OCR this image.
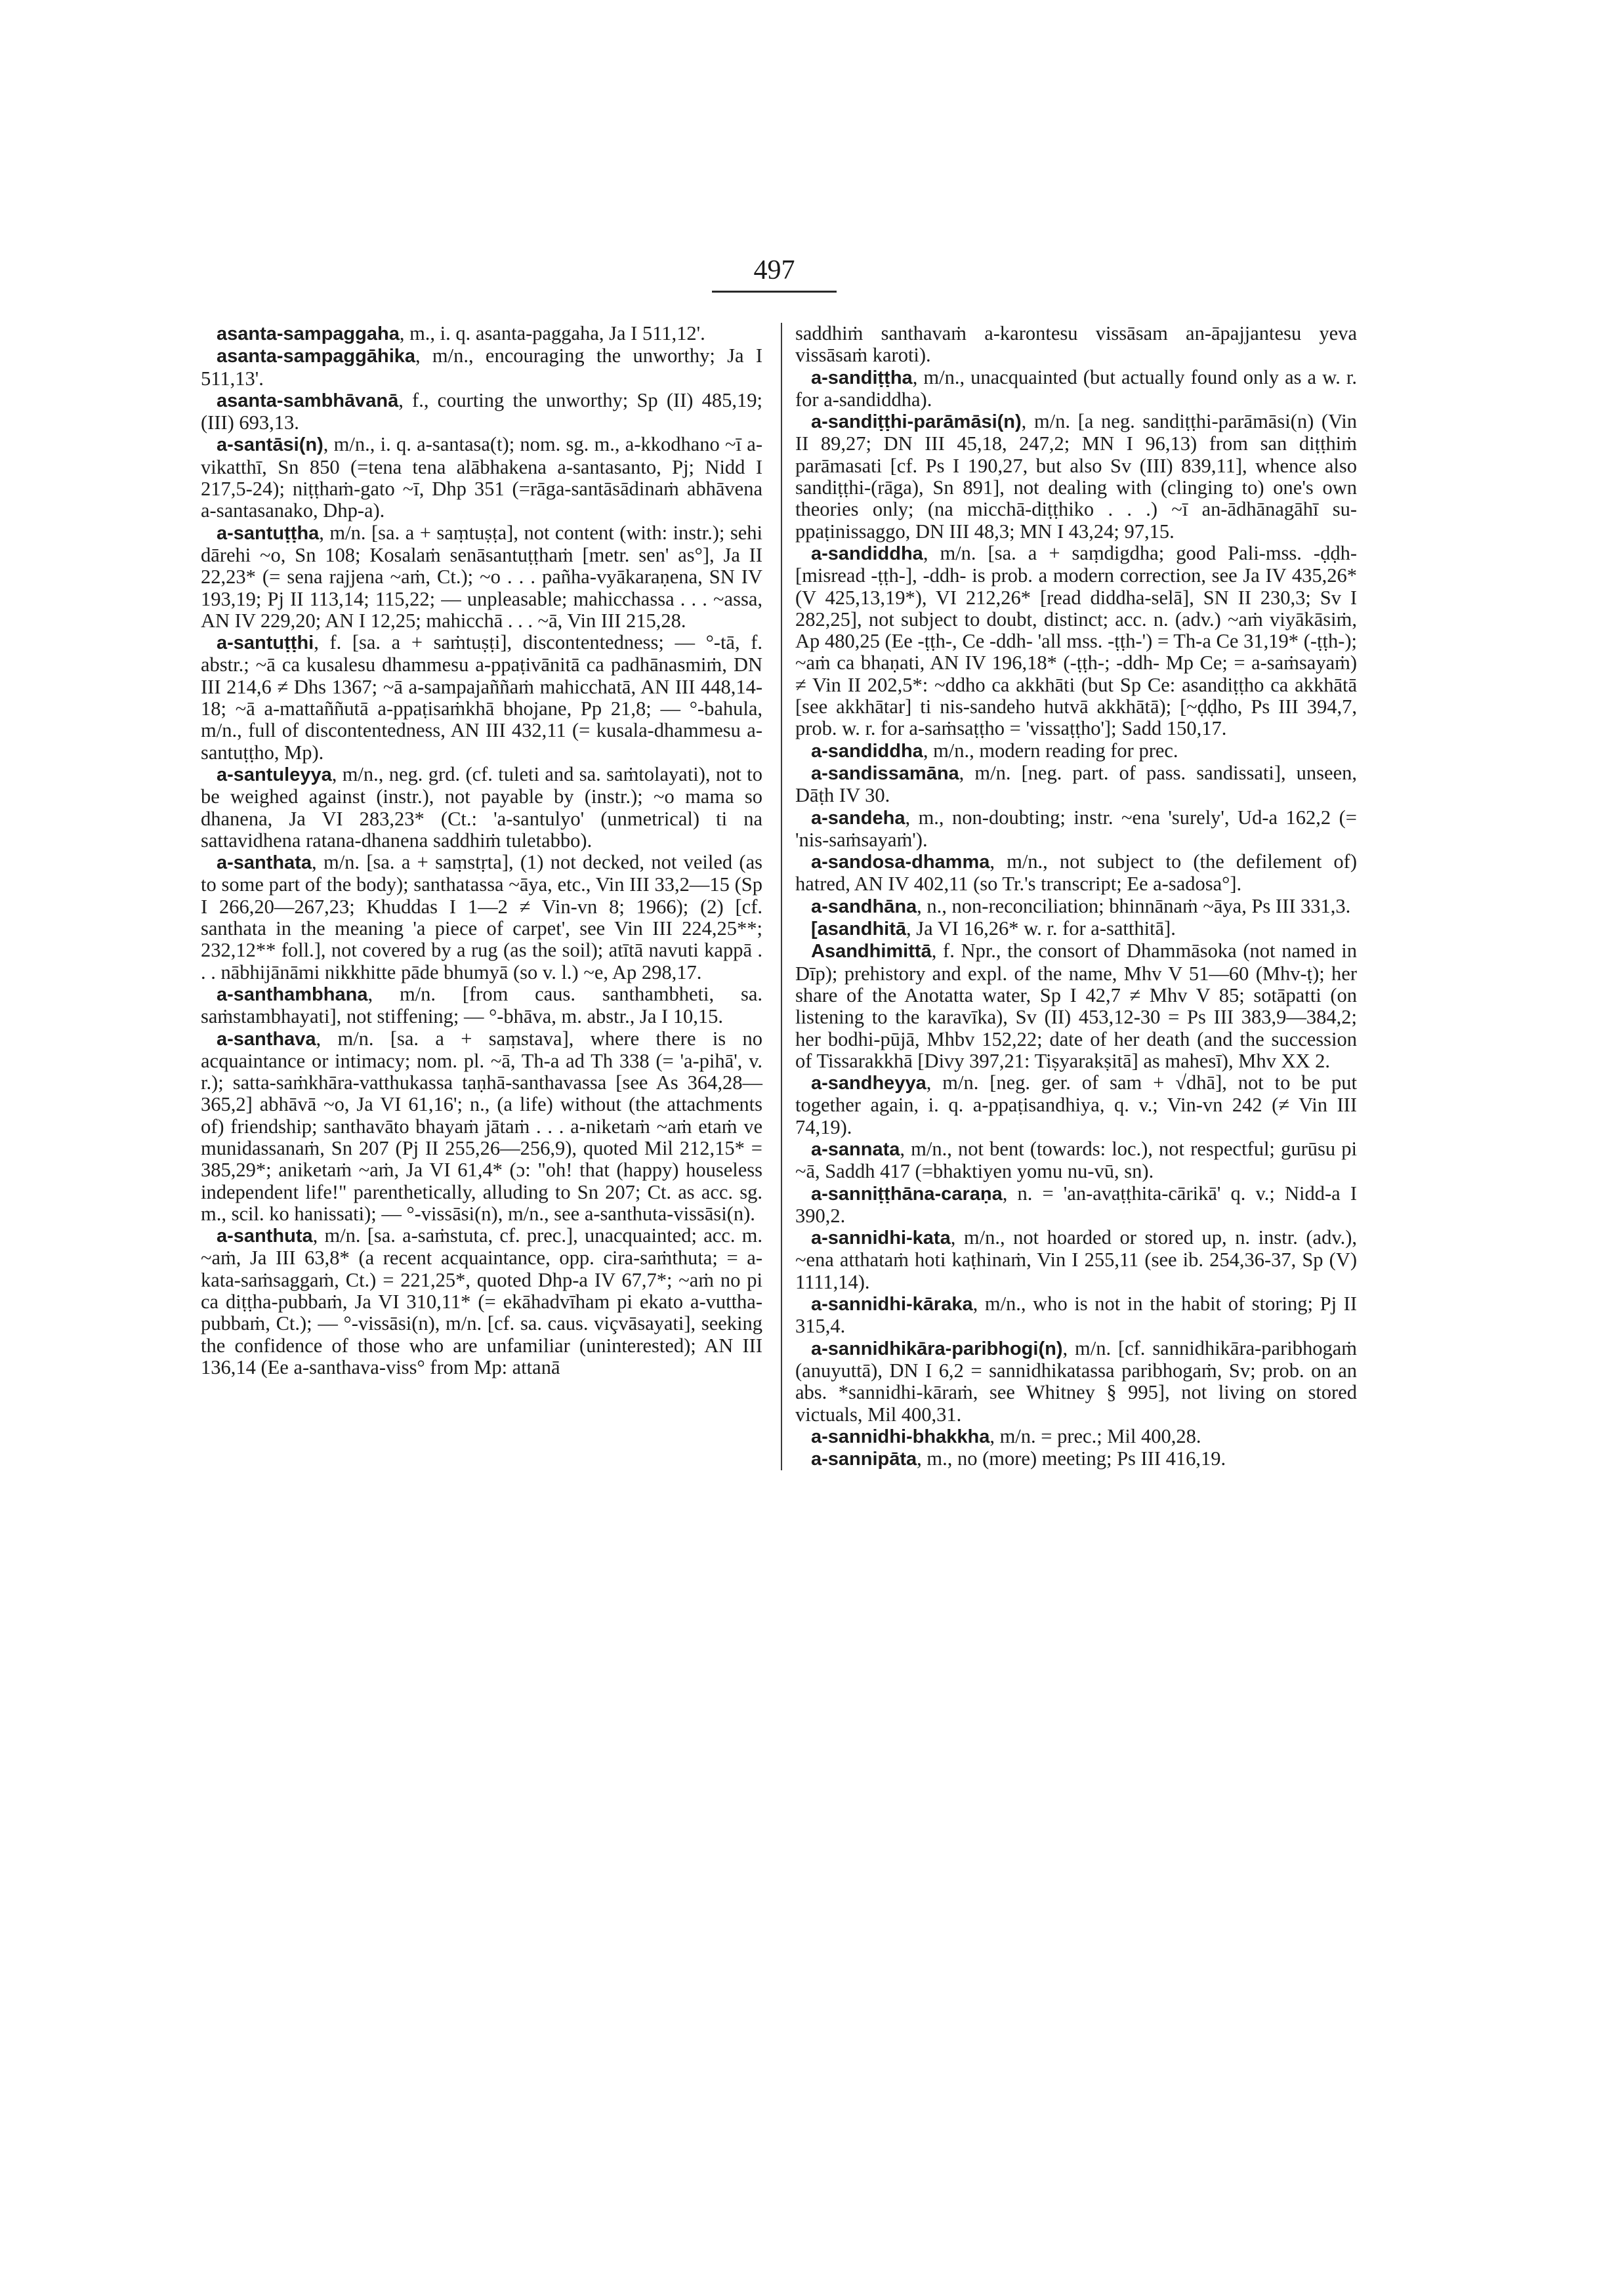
497

asanta-sampaggaha, m., i. q. asanta-paggaha, Ja I 511,12'.

asanta-sampaggāhika, m/n., encouraging the unworthy; Ja I 511,13'.

asanta-sambhāvanā, f., courting the unworthy; Sp (II) 485,19; (III) 693,13.

a-santāsi(n), m/n., i. q. a-santasa(t); nom. sg. m., a-kkodhano ~ī a-vikatthī, Sn 850 (=tena tena alābhakena a-santasanto, Pj; Nidd I 217,5-24); niṭṭhaṁ-gato ~ī, Dhp 351 (=rāga-santāsādinaṁ abhāvena a-santasanako, Dhp-a).

a-santuṭṭha, m/n. [sa. a + saṃtuṣṭa], not content (with: instr.); sehi dārehi ~o, Sn 108; Kosalaṁ senāsantuṭṭhaṁ [metr. sen' as°], Ja II 22,23* (= sena rajjena ~aṁ, Ct.); ~o . . . pañha-vyākaraṇena, SN IV 193,19; Pj II 113,14; 115,22; — unpleasable; mahicchassa . . . ~assa, AN IV 229,20; AN I 12,25; mahicchā . . . ~ā, Vin III 215,28.

a-santuṭṭhi, f. [sa. a + saṁtuṣṭi], discontentedness; — °-tā, f. abstr.; ~ā ca kusalesu dhammesu a-ppaṭivānitā ca padhānasmiṁ, DN III 214,6 ≠ Dhs 1367; ~ā a-sampajaññaṁ mahicchatā, AN III 448,14-18; ~ā a-mattaññutā a-ppaṭisaṁkhā bhojane, Pp 21,8; — °-bahula, m/n., full of discontentedness, AN III 432,11 (= kusala-dhammesu a-santuṭṭho, Mp).

a-santuleyya, m/n., neg. grd. (cf. tuleti and sa. saṁtolayati), not to be weighed against (instr.), not payable by (instr.); ~o mama so dhanena, Ja VI 283,23* (Ct.: 'a-santulyo' (unmetrical) ti na sattavidhena ratana-dhanena saddhiṁ tuletabbo).

a-santhata, m/n. [sa. a + saṃstṛta], (1) not decked, not veiled (as to some part of the body); santhatassa ~āya, etc., Vin III 33,2—15 (Sp I 266,20—267,23; Khuddas I 1—2 ≠ Vin-vn 8; 1966); (2) [cf. santhata in the meaning 'a piece of carpet', see Vin III 224,25**; 232,12** foll.], not covered by a rug (as the soil); atītā navuti kappā . . . nābhijānāmi nikkhitte pāde bhumyā (so v. l.) ~e, Ap 298,17.

a-santhambhana, m/n. [from caus. santhambheti, sa. saṁstambhayati], not stiffening; — °-bhāva, m. abstr., Ja I 10,15.

a-santhava, m/n. [sa. a + saṃstava], where there is no acquaintance or intimacy; nom. pl. ~ā, Th-a ad Th 338 (= 'a-pihā', v. r.); satta-saṁkhāra-vatthukassa taṇhā-santhavassa [see As 364,28—365,2] abhāvā ~o, Ja VI 61,16'; n., (a life) without (the attachments of) friendship; santhavāto bhayaṁ jātaṁ . . . a-niketaṁ ~aṁ etaṁ ve munidassanaṁ, Sn 207 (Pj II 255,26—256,9), quoted Mil 212,15* = 385,29*; aniketaṁ ~aṁ, Ja VI 61,4* (ɔ: "oh! that (happy) houseless independent life!" parenthetically, alluding to Sn 207; Ct. as acc. sg. m., scil. ko hanissati); — °-vissāsi(n), m/n., see a-santhuta-vissāsi(n).

a-santhuta, m/n. [sa. a-saṁstuta, cf. prec.], unacquainted; acc. m. ~aṁ, Ja III 63,8* (a recent acquaintance, opp. cira-saṁthuta; = a-kata-saṁsaggaṁ, Ct.) = 221,25*, quoted Dhp-a IV 67,7*; ~aṁ no pi ca diṭṭha-pubbaṁ, Ja VI 310,11* (= ekāhadvīham pi ekato a-vuttha-pubbaṁ, Ct.); — °-vissāsi(n), m/n. [cf. sa. caus. viçvāsayati], seeking the confidence of those who are unfamiliar (uninterested); AN III 136,14 (Ee a-santhava-viss° from Mp: attanā

saddhiṁ santhavaṁ a-karontesu vissāsam an-āpajjantesu yeva vissāsaṁ karoti).

a-sandiṭṭha, m/n., unacquainted (but actually found only as a w. r. for a-sandiddha).

a-sandiṭṭhi-parāmāsi(n), m/n. [a neg. sandiṭṭhi-parāmāsi(n) (Vin II 89,27; DN III 45,18, 247,2; MN I 96,13) from san diṭṭhiṁ parāmasati [cf. Ps I 190,27, but also Sv (III) 839,11], whence also sandiṭṭhi-(rāga), Sn 891], not dealing with (clinging to) one's own theories only; (na micchā-diṭṭhiko . . .) ~ī an-ādhānagāhī su-ppaṭinissaggo, DN III 48,3; MN I 43,24; 97,15.

a-sandiddha, m/n. [sa. a + saṃdigdha; good Pali-mss. -ḍḍh- [misread -ṭṭh-], -ddh- is prob. a modern correction, see Ja IV 435,26* (V 425,13,19*), VI 212,26* [read diddha-selā], SN II 230,3; Sv I 282,25], not subject to doubt, distinct; acc. n. (adv.) ~aṁ viyākāsiṁ, Ap 480,25 (Ee -ṭṭh-, Ce -ddh- 'all mss. -ṭṭh-') = Th-a Ce 31,19* (-ṭṭh-); ~aṁ ca bhaṇati, AN IV 196,18* (-ṭṭh-; -ddh- Mp Ce; = a-saṁsayaṁ) ≠ Vin II 202,5*: ~ddho ca akkhāti (but Sp Ce: asandiṭṭho ca akkhātā [see akkhātar] ti nis-sandeho hutvā akkhātā); [~ḍḍho, Ps III 394,7, prob. w. r. for a-saṁsaṭṭho = 'vissaṭṭho']; Sadd 150,17.

a-sandiddha, m/n., modern reading for prec.

a-sandissamāna, m/n. [neg. part. of pass. sandissati], unseen, Dāṭh IV 30.

a-sandeha, m., non-doubting; instr. ~ena 'surely', Ud-a 162,2 (= 'nis-saṁsayaṁ').

a-sandosa-dhamma, m/n., not subject to (the defilement of) hatred, AN IV 402,11 (so Tr.'s transcript; Ee a-sadosa°].

a-sandhāna, n., non-reconciliation; bhinnānaṁ ~āya, Ps III 331,3.

[asandhitā, Ja VI 16,26* w. r. for a-satthitā].

Asandhimittā, f. Npr., the consort of Dhammāsoka (not named in Dīp); prehistory and expl. of the name, Mhv V 51—60 (Mhv-ṭ); her share of the Anotatta water, Sp I 42,7 ≠ Mhv V 85; sotāpatti (on listening to the karavīka), Sv (II) 453,12-30 = Ps III 383,9—384,2; her bodhi-pūjā, Mhbv 152,22; date of her death (and the succession of Tissarakkhā [Divy 397,21: Tiṣyarakṣitā] as mahesī), Mhv XX 2.

a-sandheyya, m/n. [neg. ger. of sam + √dhā], not to be put together again, i. q. a-ppaṭisandhiya, q. v.; Vin-vn 242 (≠ Vin III 74,19).

a-sannata, m/n., not bent (towards: loc.), not respectful; gurūsu pi ~ā, Saddh 417 (=bhaktiyen yomu nu-vū, sn).

a-sanniṭṭhāna-caraṇa, n. = 'an-avaṭṭhita-cārikā' q. v.; Nidd-a I 390,2.

a-sannidhi-kata, m/n., not hoarded or stored up, n. instr. (adv.), ~ena atthataṁ hoti kaṭhinaṁ, Vin I 255,11 (see ib. 254,36-37, Sp (V) 1111,14).

a-sannidhi-kāraka, m/n., who is not in the habit of storing; Pj II 315,4.

a-sannidhikāra-paribhogi(n), m/n. [cf. sannidhikāra-paribhogaṁ (anuyuttā), DN I 6,2 = sannidhikatassa paribhogaṁ, Sv; prob. on an abs. *sannidhi-kāraṁ, see Whitney § 995], not living on stored victuals, Mil 400,31.

a-sannidhi-bhakkha, m/n. = prec.; Mil 400,28.

a-sannipāta, m., no (more) meeting; Ps III 416,19.
